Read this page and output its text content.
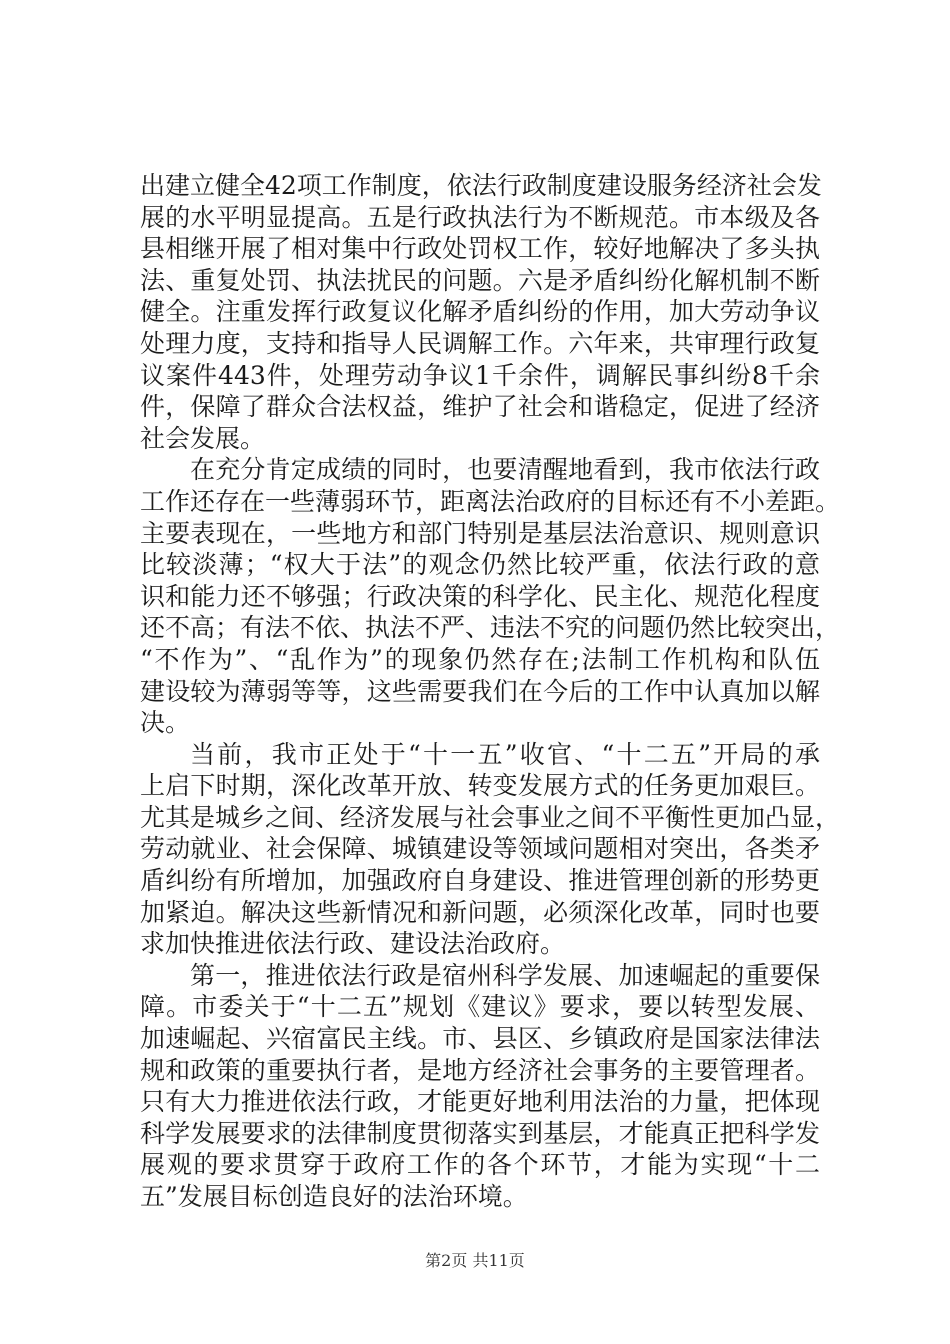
出建立健全42项工作制度，依法行政制度建设服务经济社会发
展的水平明显提高。五是行政执法行为不断规范。市本级及各
县相继开展了相对集中行政处罚权工作，较好地解决了多头执
法、重复处罚、执法扰民的问题。六是矛盾纠纷化解机制不断
健全。注重发挥行政复议化解矛盾纠纷的作用，加大劳动争议
处理力度，支持和指导人民调解工作。六年来，共审理行政复
议案件443件，处理劳动争议1千余件，调解民事纠纷8千余
件，保障了群众合法权益，维护了社会和谐稳定，促进了经济
社会发展。
在充分肯定成绩的同时，也要清醒地看到，我市依法行政
工作还存在一些薄弱环节，距离法治政府的目标还有不小差距。
主要表现在，一些地方和部门特别是基层法治意识、规则意识
比较淡薄；“权大于法”的观念仍然比较严重，依法行政的意
识和能力还不够强；行政决策的科学化、民主化、规范化程度
还不高；有法不依、执法不严、违法不究的问题仍然比较突出，
“不作为”、“乱作为”的现象仍然存在;法制工作机构和队伍
建设较为薄弱等等，这些需要我们在今后的工作中认真加以解
决。
当前，我市正处于“十一五”收官、“十二五”开局的承
上启下时期，深化改革开放、转变发展方式的任务更加艰巨。
尤其是城乡之间、经济发展与社会事业之间不平衡性更加凸显，
劳动就业、社会保障、城镇建设等领域问题相对突出，各类矛
盾纠纷有所增加，加强政府自身建设、推进管理创新的形势更
加紧迫。解决这些新情况和新问题，必须深化改革，同时也要
求加快推进依法行政、建设法治政府。
第一，推进依法行政是宿州科学发展、加速崛起的重要保
障。市委关于“十二五”规划《建议》要求，要以转型发展、
加速崛起、兴宿富民主线。市、县区、乡镇政府是国家法律法
规和政策的重要执行者，是地方经济社会事务的主要管理者。
只有大力推进依法行政，才能更好地利用法治的力量，把体现
科学发展要求的法律制度贯彻落实到基层，才能真正把科学发
展观的要求贯穿于政府工作的各个环节，才能为实现“十二
五”发展目标创造良好的法治环境。
第2页 共11页
